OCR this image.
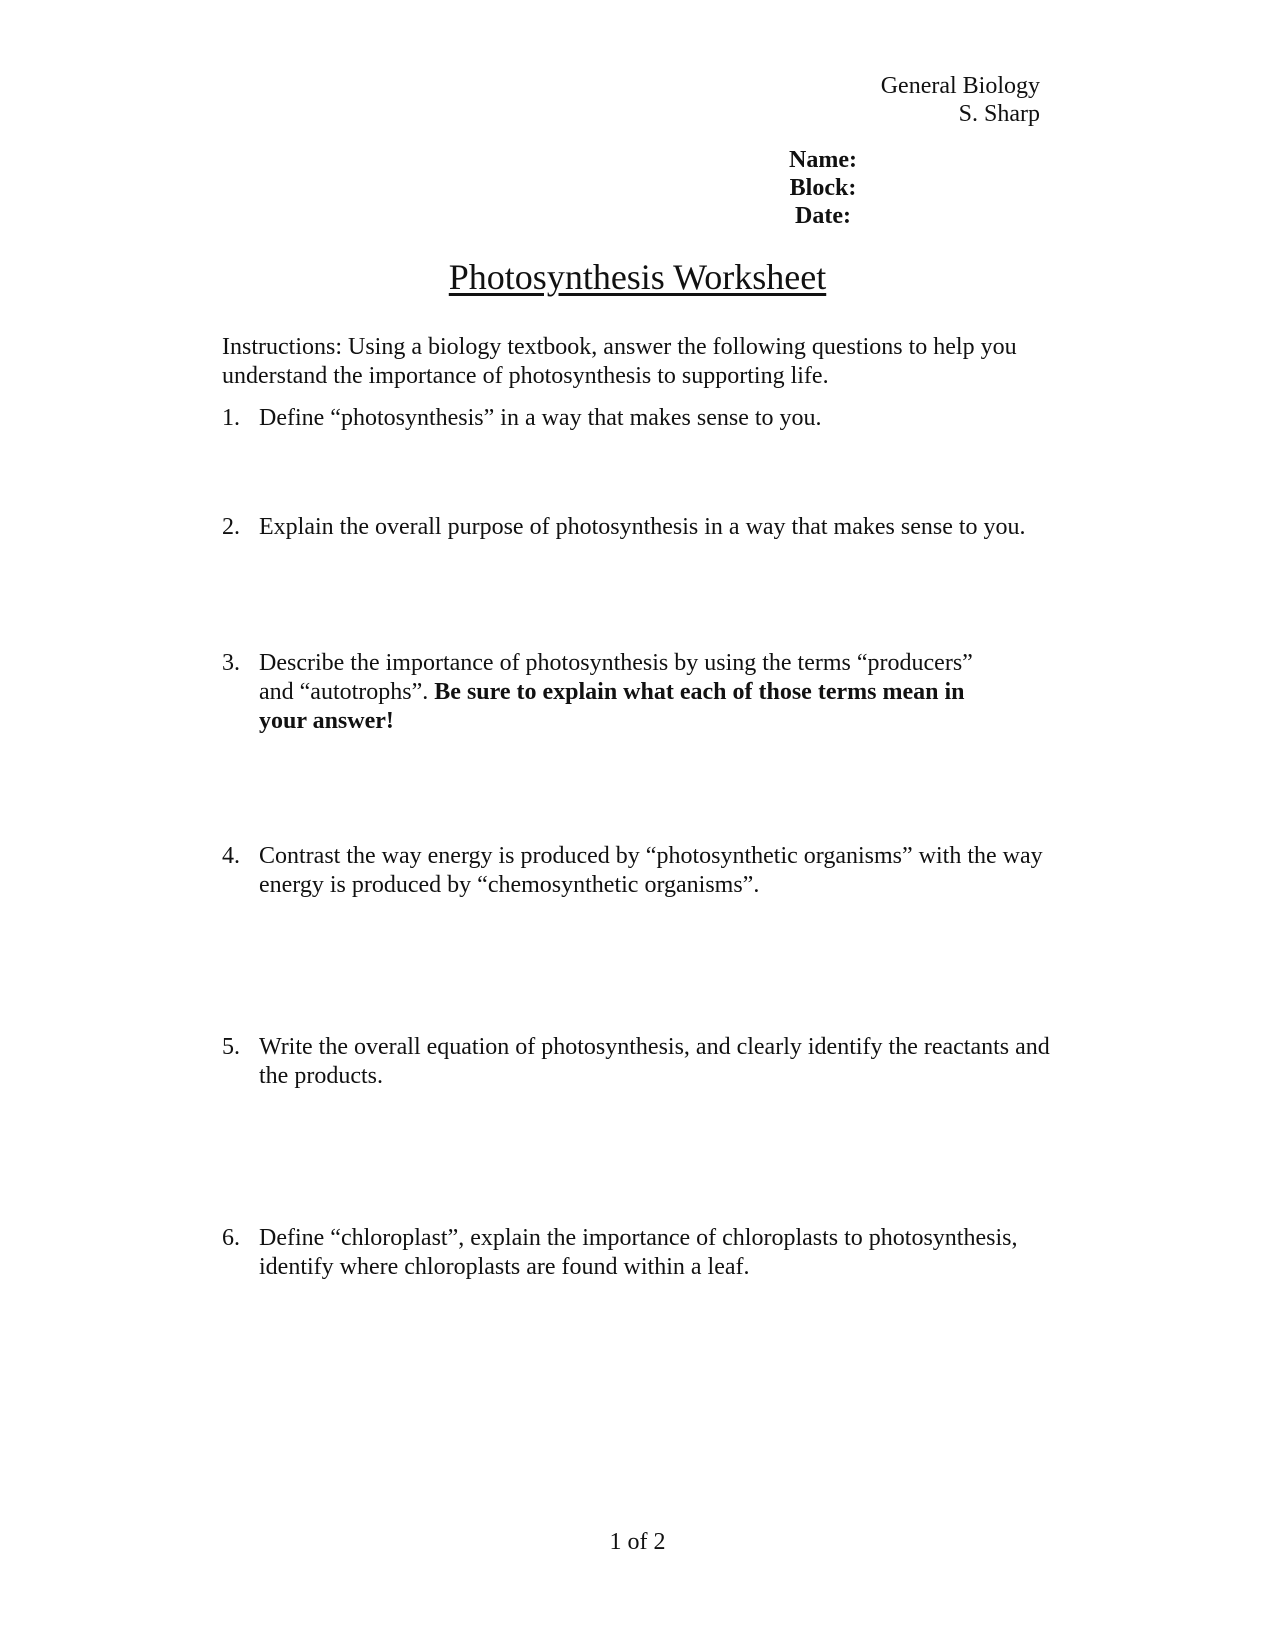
General Biology
S. Sharp
Name:
Block:
Date:
Photosynthesis Worksheet
Instructions: Using a biology textbook, answer the following questions to help you understand the importance of photosynthesis to supporting life.
1. Define “photosynthesis” in a way that makes sense to you.
2. Explain the overall purpose of photosynthesis in a way that makes sense to you.
3. Describe the importance of photosynthesis by using the terms “producers” and “autotrophs”. Be sure to explain what each of those terms mean in your answer!
4. Contrast the way energy is produced by “photosynthetic organisms” with the way energy is produced by “chemosynthetic organisms”.
5. Write the overall equation of photosynthesis, and clearly identify the reactants and the products.
6. Define “chloroplast”, explain the importance of chloroplasts to photosynthesis, identify where chloroplasts are found within a leaf.
1 of 2
